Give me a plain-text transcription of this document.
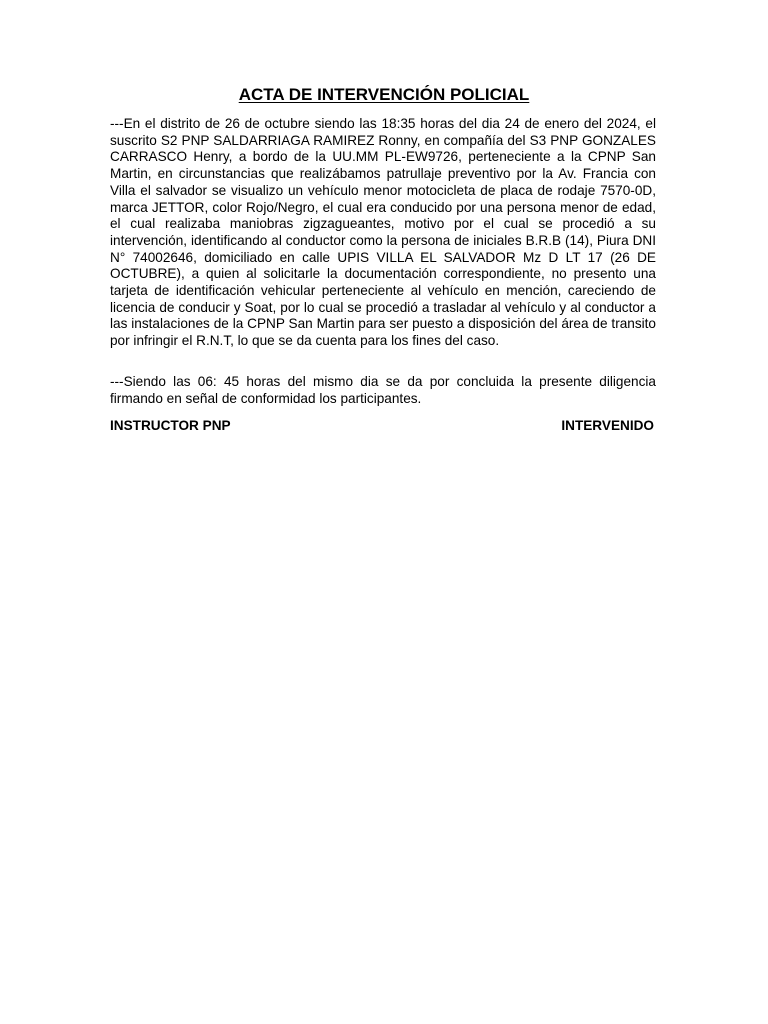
ACTA DE INTERVENCIÓN POLICIAL

---En el distrito de 26 de octubre siendo las 18:35 horas del dia 24 de enero del 2024, el suscrito S2 PNP SALDARRIAGA RAMIREZ Ronny, en compañía del S3 PNP GONZALES CARRASCO Henry, a bordo de la UU.MM PL-EW9726, perteneciente a la CPNP San Martin, en circunstancias que realizábamos patrullaje preventivo por la Av. Francia con Villa el salvador se visualizo un vehículo menor motocicleta de placa de rodaje 7570-0D, marca JETTOR, color Rojo/Negro, el cual era conducido por una persona menor de edad, el cual realizaba maniobras zigzagueantes, motivo por el cual se procedió a su intervención, identificando al conductor como la persona de iniciales B.R.B (14), Piura DNI N° 74002646, domiciliado en calle UPIS VILLA EL SALVADOR Mz D LT 17 (26 DE OCTUBRE), a quien al solicitarle la documentación correspondiente, no presento una tarjeta de identificación vehicular perteneciente al vehículo en mención, careciendo de licencia de conducir y Soat, por lo cual se procedió a trasladar al vehículo y al conductor a las instalaciones de la CPNP San Martin para ser puesto a disposición del área de transito por infringir el R.N.T, lo que se da cuenta para los fines del caso.

---Siendo las 06: 45 horas del mismo dia se da por concluida la presente diligencia firmando en señal de conformidad los participantes.

INSTRUCTOR PNP	INTERVENIDO
